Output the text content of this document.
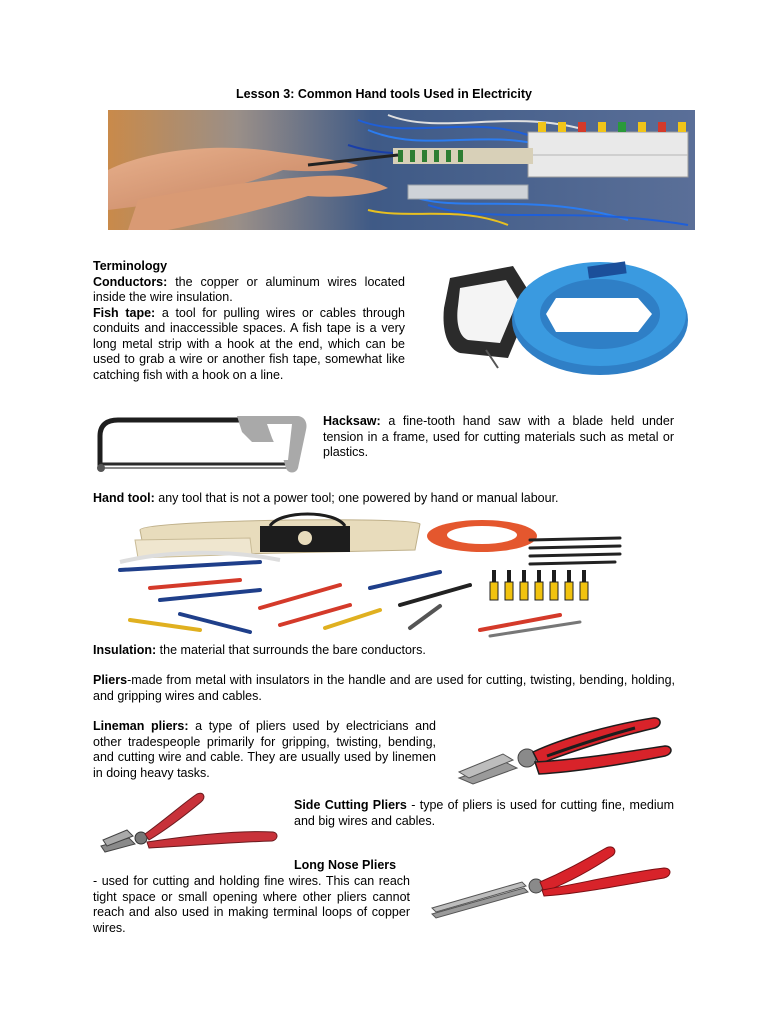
Lesson 3: Common Hand tools Used in Electricity
Terminology
Conductors: the copper or aluminum wires located inside the wire insulation.
Fish tape: a tool for pulling wires or cables through conduits and inaccessible spaces. A fish tape is a very long metal strip with a hook at the end, which can be used to grab a wire or another fish tape, somewhat like catching fish with a hook on a line.
Hacksaw: a fine-tooth hand saw with a blade held under tension in a frame, used for cutting materials such as metal or plastics.
Hand tool: any tool that is not a power tool; one powered by hand or manual labour.
Insulation: the material that surrounds the bare conductors.
Pliers-made from metal with insulators in the handle and are used for cutting, twisting, bending, holding, and gripping wires and cables.
Lineman pliers: a type of pliers used by electricians and other tradespeople primarily for gripping, twisting, bending, and cutting wire and cable. They are usually used by linemen in doing heavy tasks.
Side Cutting Pliers - type of pliers is used for cutting fine, medium and big wires and cables.
Long Nose Pliers
- used for cutting and holding fine wires. This can reach tight space or small opening where other pliers cannot reach and also used in making terminal loops of copper wires.
